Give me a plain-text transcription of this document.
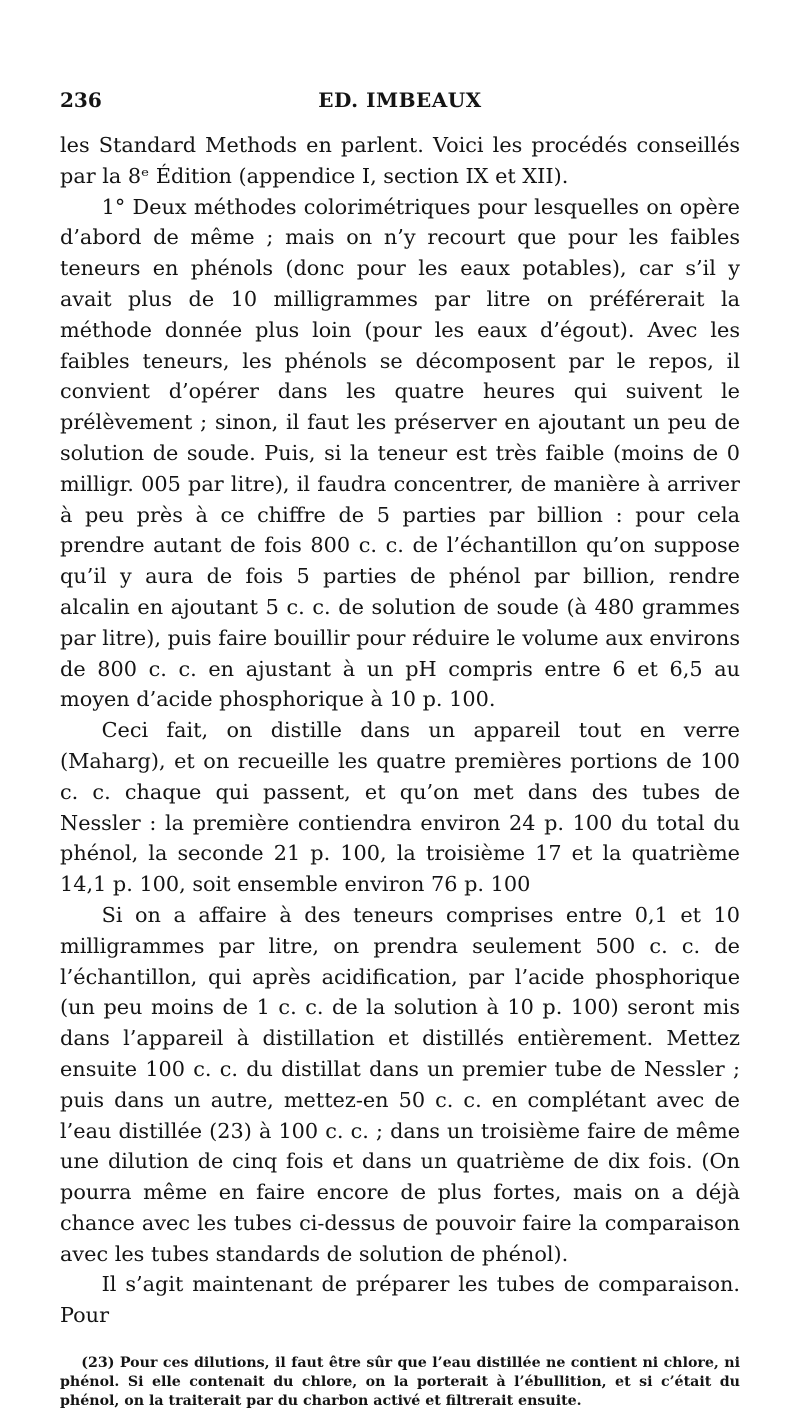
236	ED. IMBEAUX

les Standard Methods en parlent. Voici les procédés conseillés par la 8ᵉ Édition (appendice I, section IX et XII).

1° Deux méthodes colorimétriques pour lesquelles on opère d’abord de même ; mais on n’y recourt que pour les faibles teneurs en phénols (donc pour les eaux potables), car s’il y avait plus de 10 milligrammes par litre on préférerait la méthode donnée plus loin (pour les eaux d’égout). Avec les faibles teneurs, les phénols se décomposent par le repos, il convient d’opérer dans les quatre heures qui suivent le prélèvement ; sinon, il faut les préserver en ajoutant un peu de solution de soude. Puis, si la teneur est très faible (moins de 0 milligr. 005 par litre), il faudra concentrer, de manière à arriver à peu près à ce chiffre de 5 parties par billion : pour cela prendre autant de fois 800 c. c. de l’échantillon qu’on suppose qu’il y aura de fois 5 parties de phénol par billion, rendre alcalin en ajoutant 5 c. c. de solution de soude (à 480 grammes par litre), puis faire bouillir pour réduire le volume aux environs de 800 c. c. en ajustant à un pH compris entre 6 et 6,5 au moyen d’acide phosphorique à 10 p. 100.

Ceci fait, on distille dans un appareil tout en verre (Maharg), et on recueille les quatre premières portions de 100 c. c. chaque qui passent, et qu’on met dans des tubes de Nessler : la première contiendra environ 24 p. 100 du total du phénol, la seconde 21 p. 100, la troisième 17 et la quatrième 14,1 p. 100, soit ensemble environ 76 p. 100

Si on a affaire à des teneurs comprises entre 0,1 et 10 milligrammes par litre, on prendra seulement 500 c. c. de l’échantillon, qui après acidification, par l’acide phosphorique (un peu moins de 1 c. c. de la solution à 10 p. 100) seront mis dans l’appareil à distillation et distillés entièrement. Mettez ensuite 100 c. c. du distillat dans un premier tube de Nessler ; puis dans un autre, mettez-en 50 c. c. en complétant avec de l’eau distillée (23) à 100 c. c. ; dans un troisième faire de même une dilution de cinq fois et dans un quatrième de dix fois. (On pourra même en faire encore de plus fortes, mais on a déjà chance avec les tubes ci-dessus de pouvoir faire la comparaison avec les tubes standards de solution de phénol).

Il s’agit maintenant de préparer les tubes de comparaison. Pour

(23) Pour ces dilutions, il faut être sûr que l’eau distillée ne contient ni chlore, ni phénol. Si elle contenait du chlore, on la porterait à l’ébullition, et si c’était du phénol, on la traiterait par du charbon activé et filtrerait ensuite.
